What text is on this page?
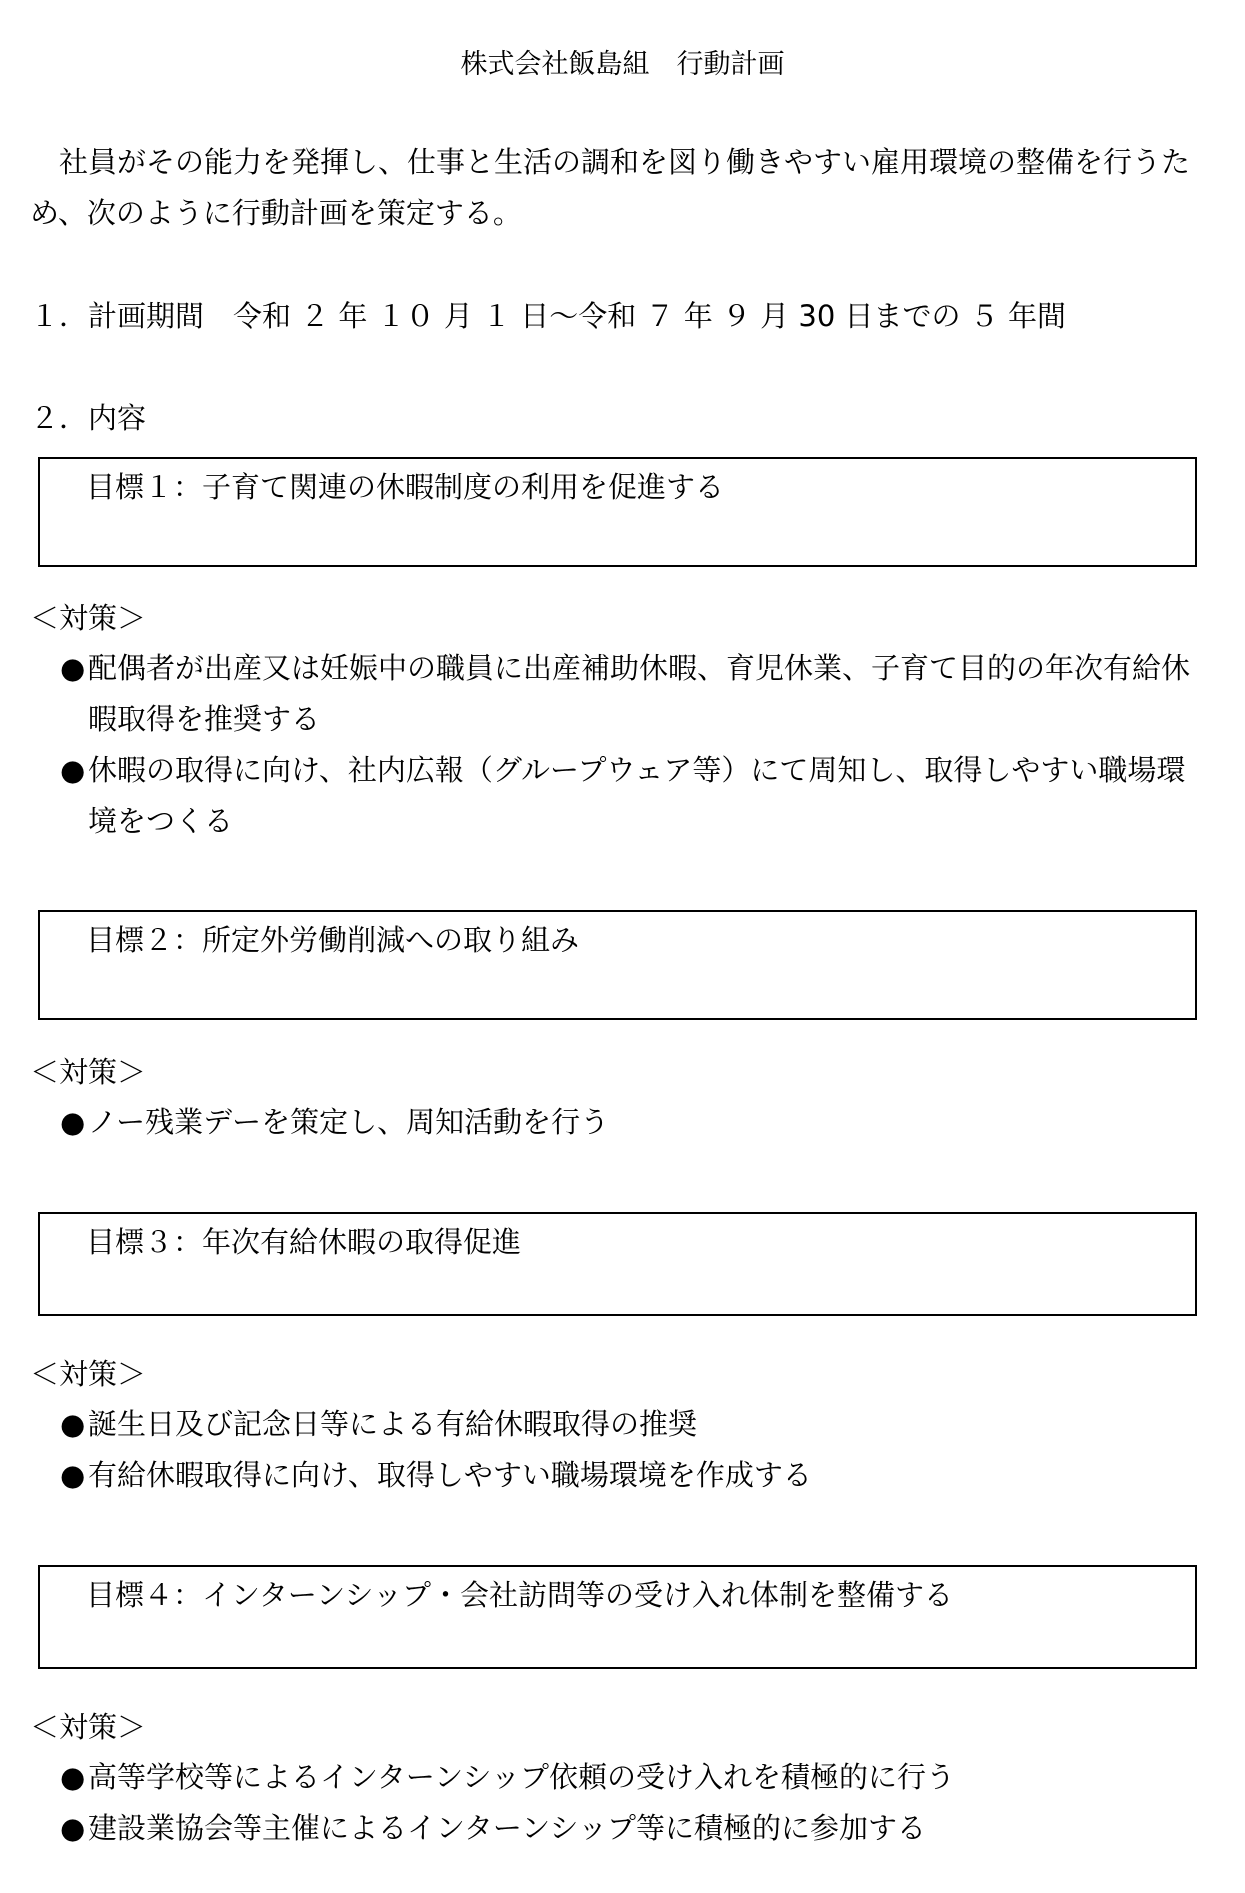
株式会社飯島組　行動計画
　社員がその能力を発揮し、仕事と生活の調和を図り働きやすい雇用環境の整備を行うた
め、次のように行動計画を策定する。
１．計画期間　令和 ２ 年 １０ 月 １ 日～令和 ７ 年 ９ 月 30 日までの ５ 年間
２．内容
目標１：子育て関連の休暇制度の利用を促進する
＜対策＞
●配偶者が出産又は妊娠中の職員に出産補助休暇、育児休業、子育て目的の年次有給休
暇取得を推奨する
●休暇の取得に向け、社内広報（グループウェア等）にて周知し、取得しやすい職場環
境をつくる
目標２：所定外労働削減への取り組み
＜対策＞
●ノー残業デーを策定し、周知活動を行う
目標３：年次有給休暇の取得促進
＜対策＞
●誕生日及び記念日等による有給休暇取得の推奨
●有給休暇取得に向け、取得しやすい職場環境を作成する
目標４：インターンシップ・会社訪問等の受け入れ体制を整備する
＜対策＞
●高等学校等によるインターンシップ依頼の受け入れを積極的に行う
●建設業協会等主催によるインターンシップ等に積極的に参加する
